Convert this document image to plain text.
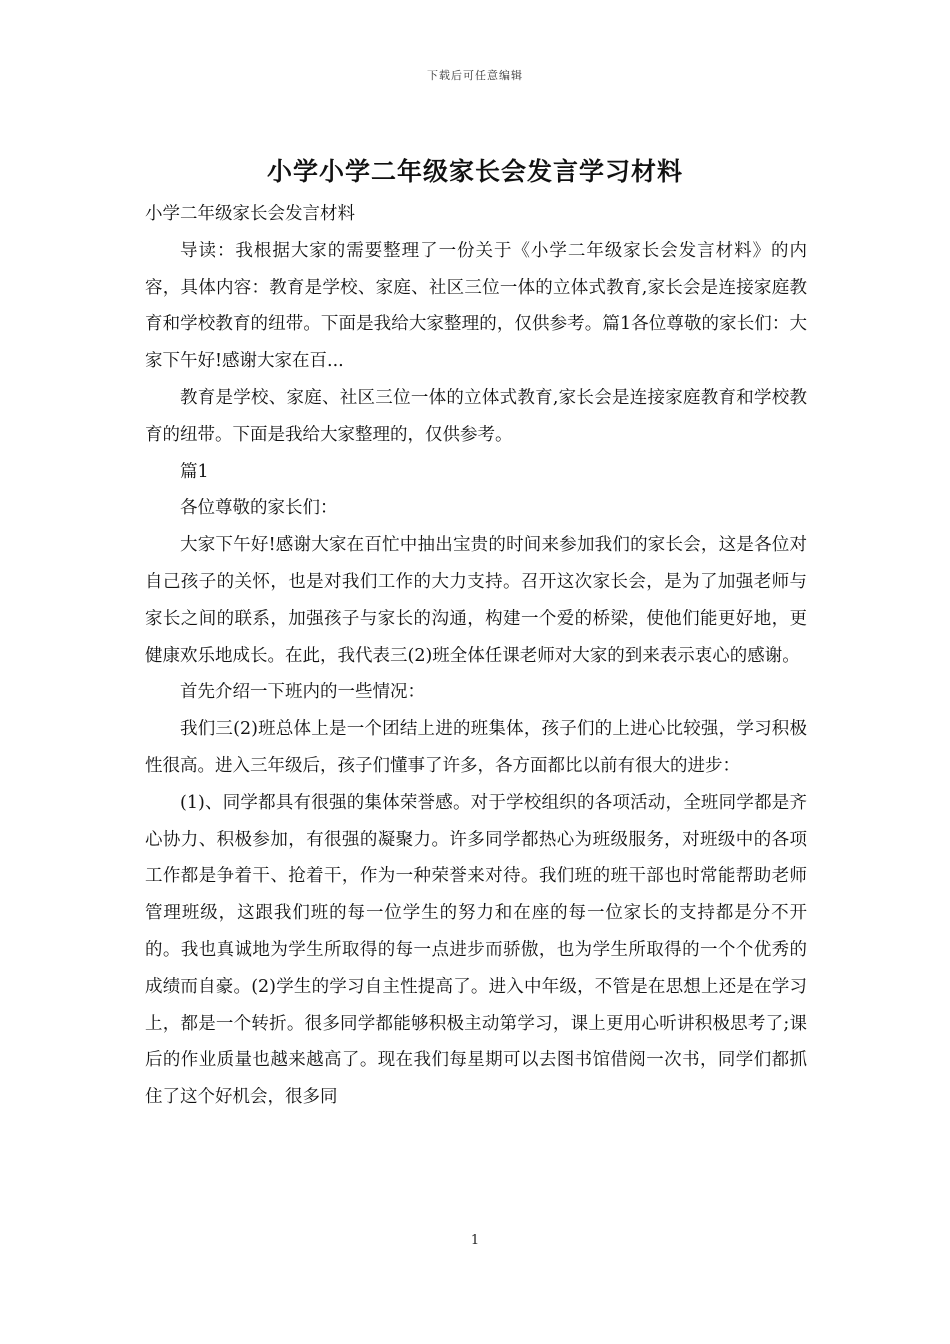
下载后可任意编辑
小学小学二年级家长会发言学习材料

小学二年级家长会发言材料

导读：我根据大家的需要整理了一份关于《小学二年级家长会发言材料》的内容，具体内容：教育是学校、家庭、社区三位一体的立体式教育,家长会是连接家庭教育和学校教育的纽带。下面是我给大家整理的，仅供参考。篇1各位尊敬的家长们：大家下午好!感谢大家在百...

教育是学校、家庭、社区三位一体的立体式教育,家长会是连接家庭教育和学校教育的纽带。下面是我给大家整理的，仅供参考。

篇1

各位尊敬的家长们：

大家下午好!感谢大家在百忙中抽出宝贵的时间来参加我们的家长会，这是各位对自己孩子的关怀，也是对我们工作的大力支持。召开这次家长会，是为了加强老师与家长之间的联系，加强孩子与家长的沟通，构建一个爱的桥梁，使他们能更好地，更健康欢乐地成长。在此，我代表三(2)班全体任课老师对大家的到来表示衷心的感谢。

首先介绍一下班内的一些情况：

我们三(2)班总体上是一个团结上进的班集体，孩子们的上进心比较强，学习积极性很高。进入三年级后，孩子们懂事了许多，各方面都比以前有很大的进步：

(1)、同学都具有很强的集体荣誉感。对于学校组织的各项活动，全班同学都是齐心协力、积极参加，有很强的凝聚力。许多同学都热心为班级服务，对班级中的各项工作都是争着干、抢着干，作为一种荣誉来对待。我们班的班干部也时常能帮助老师管理班级，这跟我们班的每一位学生的努力和在座的每一位家长的支持都是分不开的。我也真诚地为学生所取得的每一点进步而骄傲，也为学生所取得的一个个优秀的成绩而自豪。(2)学生的学习自主性提高了。进入中年级，不管是在思想上还是在学习上，都是一个转折。很多同学都能够积极主动第学习，课上更用心听讲积极思考了;课后的作业质量也越来越高了。现在我们每星期可以去图书馆借阅一次书，同学们都抓住了这个好机会，很多同

1
